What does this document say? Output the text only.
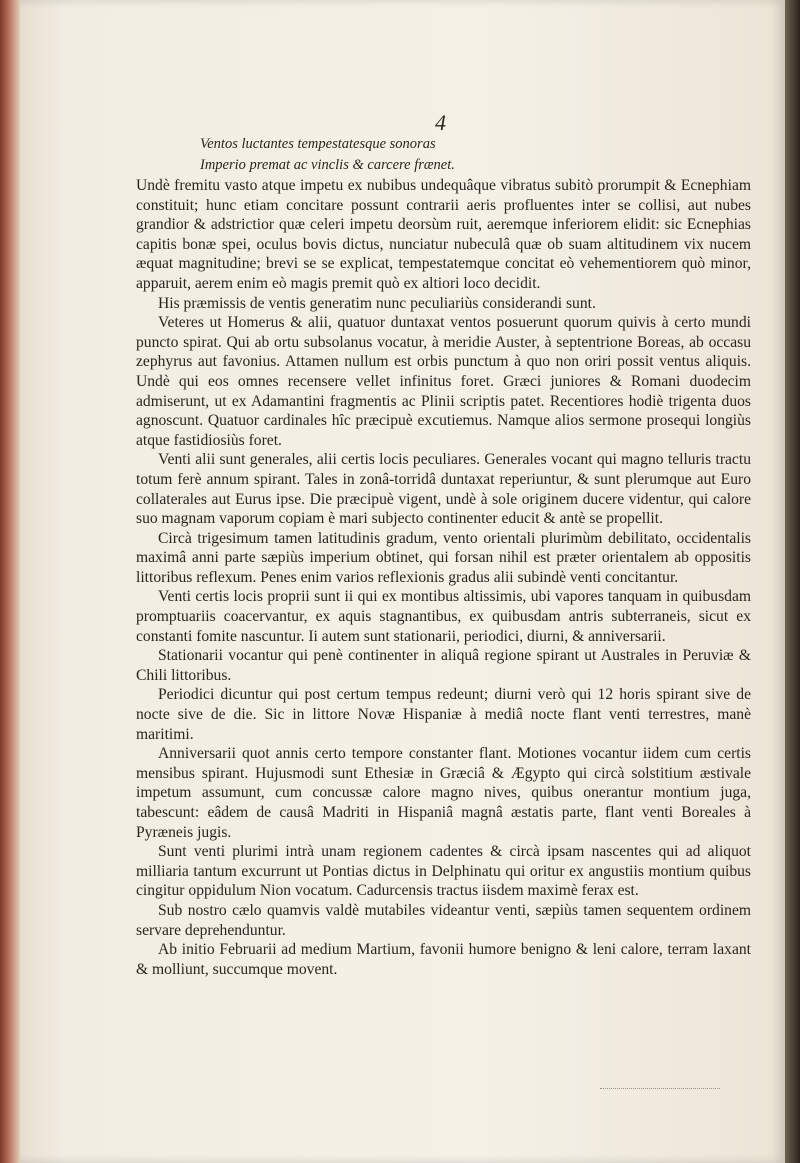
4
Ventos luctantes tempestatesque sonoras
Imperio premat ac vinclis & carcere frænet.

Undè fremitu vasto atque impetu ex nubibus undequâque vibratus subitò prorumpit & Ecnephiam constituit; hunc etiam concitare possunt contrarii aeris profluentes inter se collisi, aut nubes grandior & adstrictior quæ celeri impetu deorsùm ruit, aeremque inferiorem elidit: sic Ecnephias capitis bonæ spei, oculus bovis dictus, nunciatur nubeculâ quæ ob suam altitudinem vix nucem æquat magnitudine; brevi se se explicat, tempestatemque concitat eò vehementiorem quò minor, apparuit, aerem enim eò magis premit quò ex altiori loco decidit.

His præmissis de ventis generatim nunc peculiariùs considerandi sunt.

Veteres ut Homerus & alii, quatuor duntaxat ventos posuerunt quorum quivis à certo mundi puncto spirat. Qui ab ortu subsolanus vocatur, à meridie Auster, à septentrione Boreas, ab occasu zephyrus aut favonius. Attamen nullum est orbis punctum à quo non oriri possit ventus aliquis. Undè qui eos omnes recensere vellet infinitus foret. Græci juniores & Romani duodecim admiserunt, ut ex Adamantini fragmentis ac Plinii scriptis patet. Recentiores hodiè trigenta duos agnoscunt. Quatuor cardinales hîc præcipuè excutiemus. Namque alios sermone prosequi longiùs atque fastidiosiùs foret.

Venti alii sunt generales, alii certis locis peculiares. Generales vocant qui magno telluris tractu totum ferè annum spirant. Tales in zonâ-torridâ duntaxat reperiuntur, & sunt plerumque aut Euro collaterales aut Eurus ipse. Die præcipuè vigent, undè à sole originem ducere videntur, qui calore suo magnam vaporum copiam è mari subjecto continenter educit & antè se propellit.

Circà trigesimum tamen latitudinis gradum, vento orientali plurimùm debilitato, occidentalis maximâ anni parte sæpiùs imperium obtinet, qui forsan nihil est præter orientalem ab oppositis littoribus reflexum. Penes enim varios reflexionis gradus alii subindè venti concitantur.

Venti certis locis proprii sunt ii qui ex montibus altissimis, ubi vapores tanquam in quibusdam promptuariis coacervantur, ex aquis stagnantibus, ex quibusdam antris subterraneis, sicut ex constanti fomite nascuntur. Ii autem sunt stationarii, periodici, diurni, & anniversarii.

Stationarii vocantur qui penè continenter in aliquâ regione spirant ut Australes in Peruviæ & Chili littoribus.

Periodici dicuntur qui post certum tempus redeunt; diurni verò qui 12 horis spirant sive de nocte sive de die. Sic in littore Novæ Hispaniæ à mediâ nocte flant venti terrestres, manè maritimi.

Anniversarii quot annis certo tempore constanter flant. Motiones vocantur iidem cum certis mensibus spirant. Hujusmodi sunt Ethesiæ in Græciâ & Ægypto qui circà solstitium æstivale impetum assumunt, cum concussæ calore magno nives, quibus onerantur montium juga, tabescunt: eâdem de causâ Madriti in Hispaniâ magnâ æstatis parte, flant venti Boreales à Pyræneis jugis.

Sunt venti plurimi intrà unam regionem cadentes & circà ipsam nascentes qui ad aliquot milliaria tantum excurrunt ut Pontias dictus in Delphinatu qui oritur ex angustiis montium quibus cingitur oppidulum Nion vocatum. Cadurcensis tractus iisdem maximè ferax est.

Sub nostro cælo quamvis valdè mutabiles videantur venti, sæpiùs tamen sequentem ordinem servare deprehenduntur.

Ab initio Februarii ad medium Martium, favonii humore benigno & leni calore, terram laxant & molliunt, succumque movent.
